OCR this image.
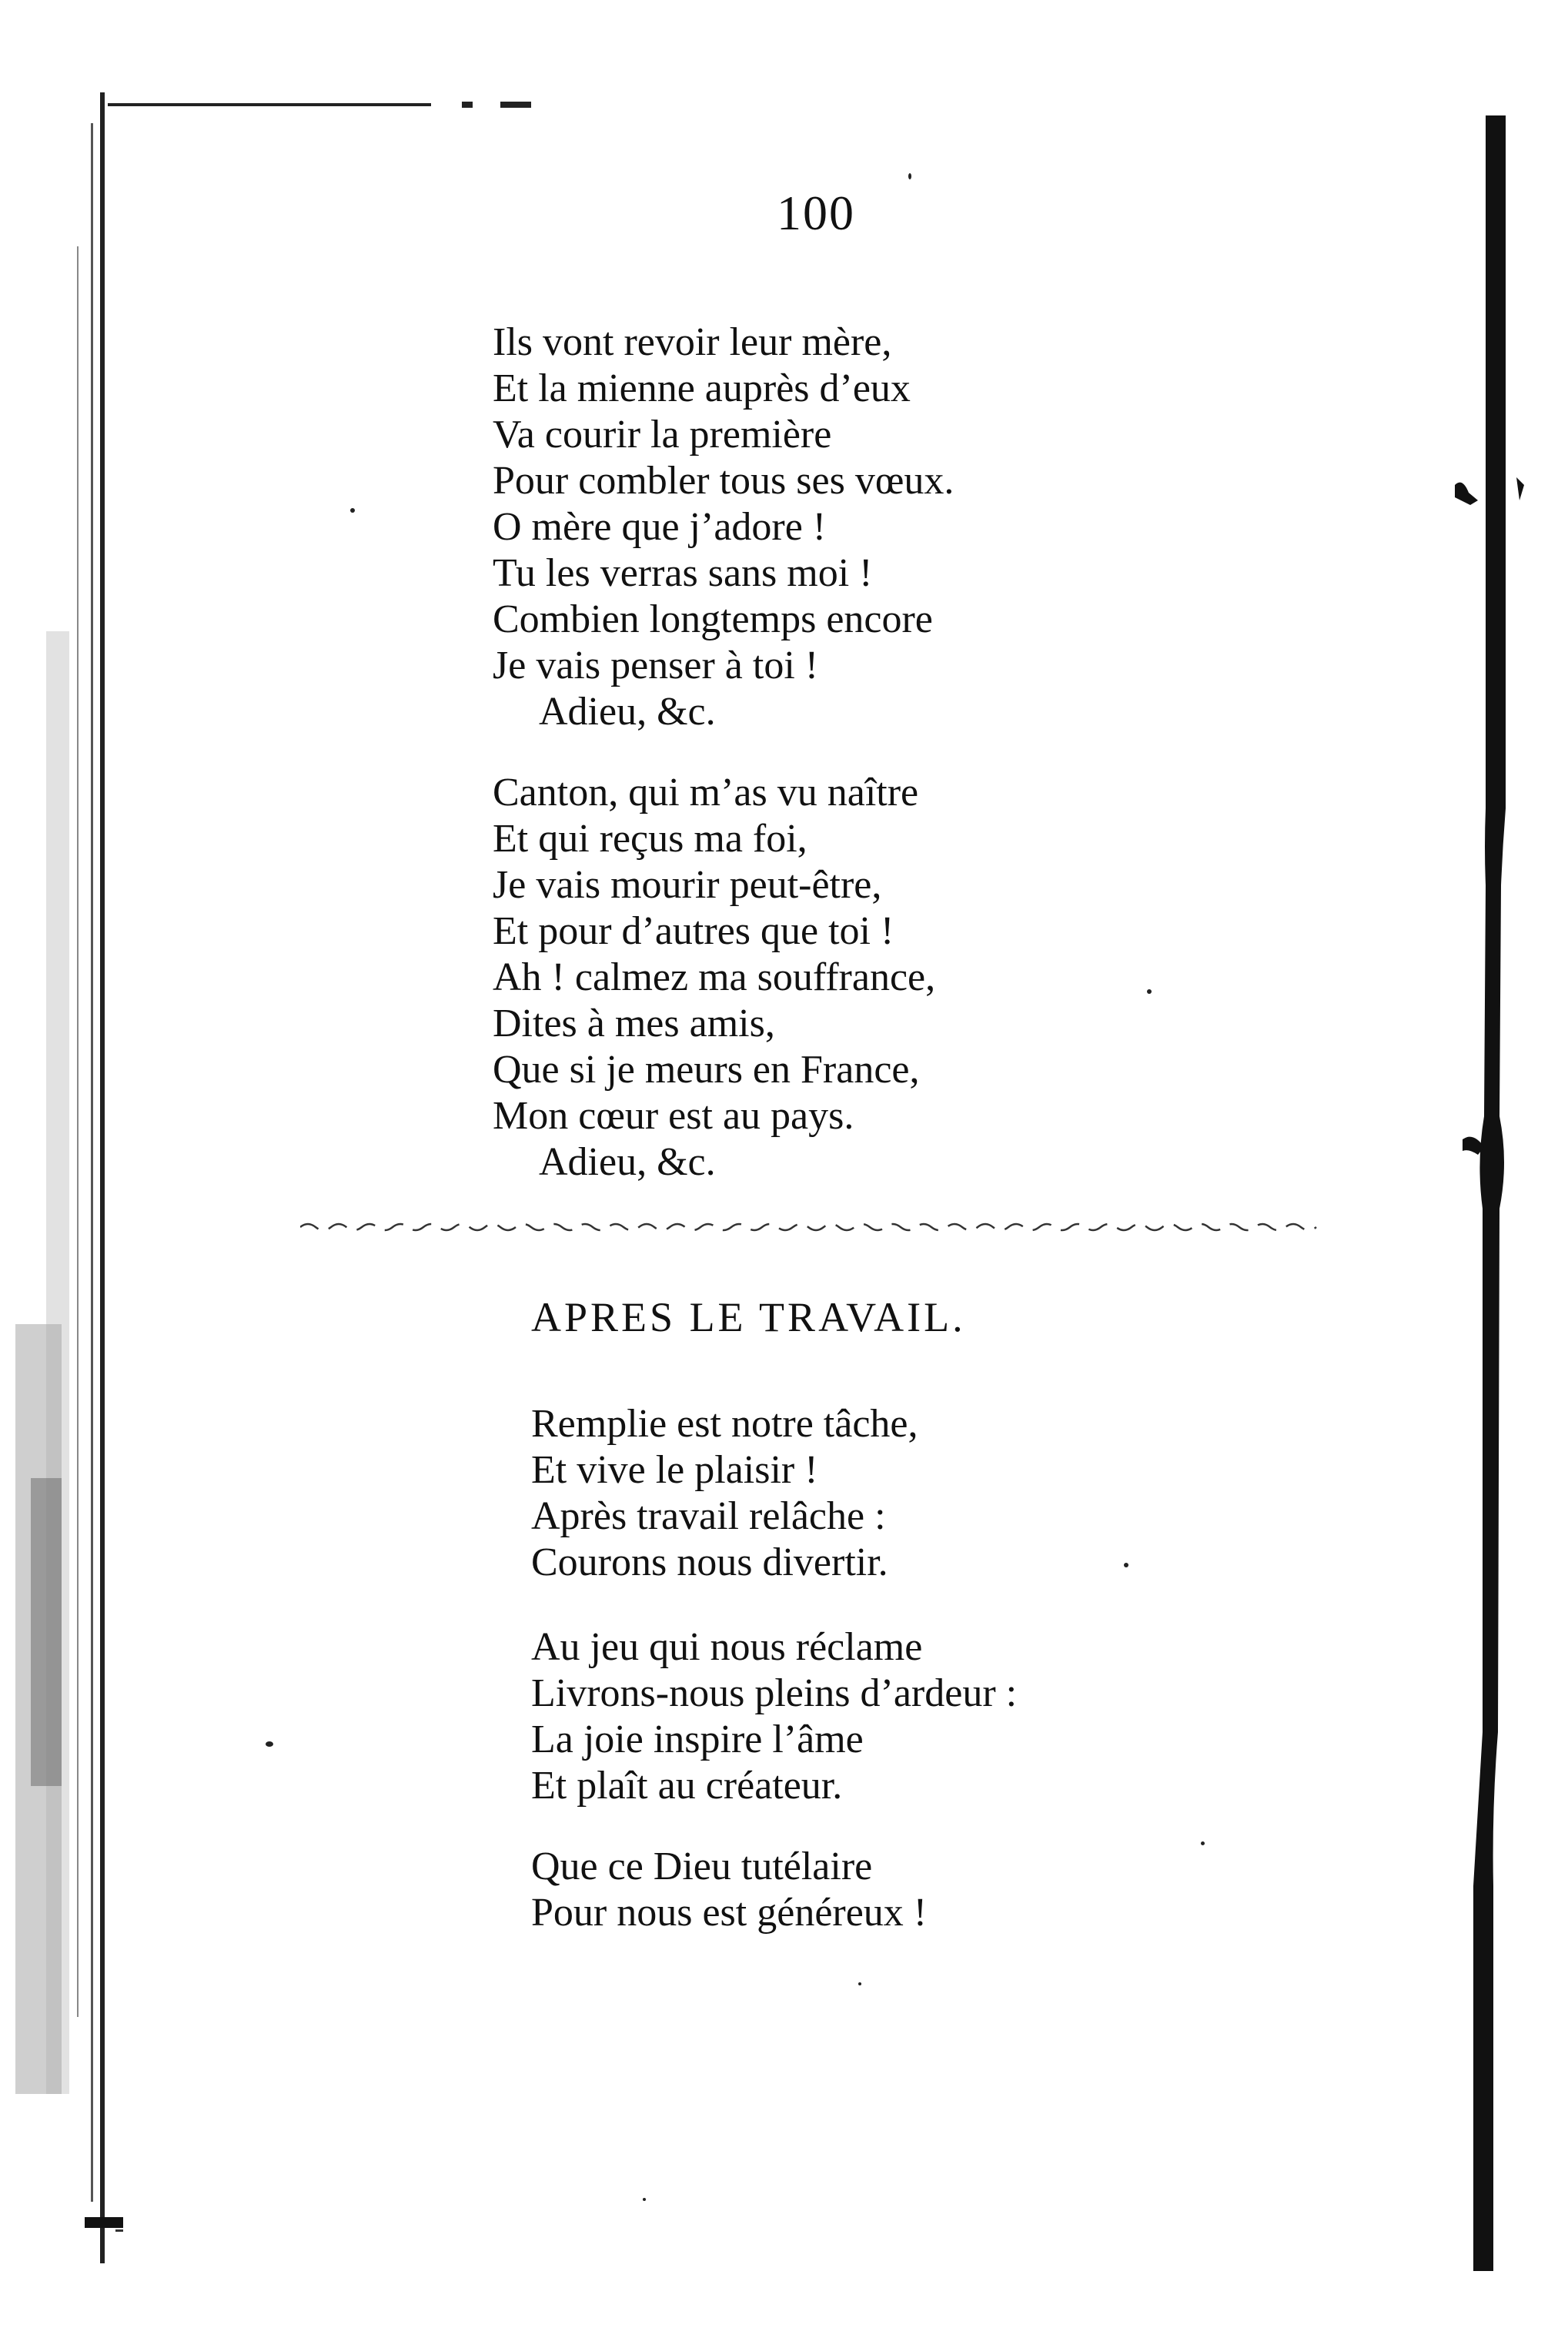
100
Ils vont revoir leur mère,
Et la mienne auprès d’eux
Va courir la première
Pour combler tous ses vœux.
O mère que j’adore !
Tu les verras sans moi !
Combien longtemps encore
Je vais penser à toi !
Adieu, &c.
Canton, qui m’as vu naître
Et qui reçus ma foi,
Je vais mourir peut-être,
Et pour d’autres que toi !
Ah ! calmez ma souffrance,
Dites à mes amis,
Que si je meurs en France,
Mon cœur est au pays.
Adieu, &c.
APRES LE TRAVAIL.
Remplie est notre tâche,
Et vive le plaisir !
Après travail relâche :
Courons nous divertir.
Au jeu qui nous réclame
Livrons-nous pleins d’ardeur :
La joie inspire l’âme
Et plaît au créateur.
Que ce Dieu tutélaire
Pour nous est généreux !
